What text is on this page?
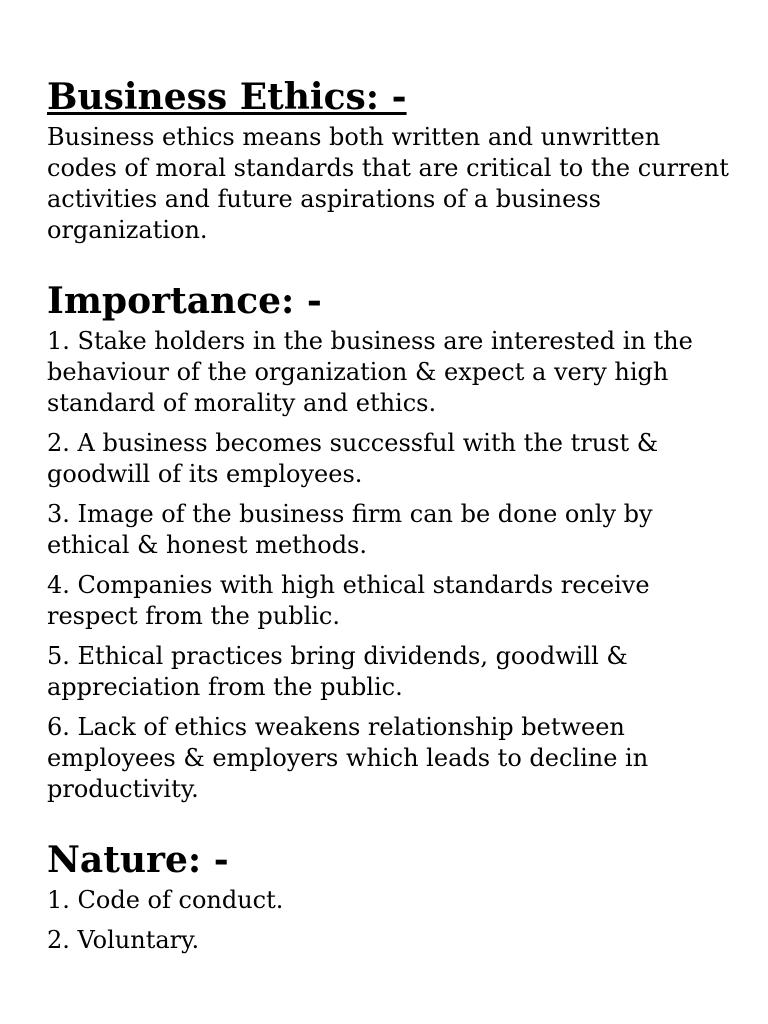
Business Ethics: -

Business ethics means both written and unwritten codes of moral standards that are critical to the current activities and future aspirations of a business organization.

Importance: -
1. Stake holders in the business are interested in the behaviour of the organization & expect a very high standard of morality and ethics.
2. A business becomes successful with the trust & goodwill of its employees.
3. Image of the business firm can be done only by ethical & honest methods.
4. Companies with high ethical standards receive respect from the public.
5. Ethical practices bring dividends, goodwill & appreciation from the public.
6. Lack of ethics weakens relationship between employees & employers which leads to decline in productivity.
Nature: -
1. Code of conduct.
2. Voluntary.
